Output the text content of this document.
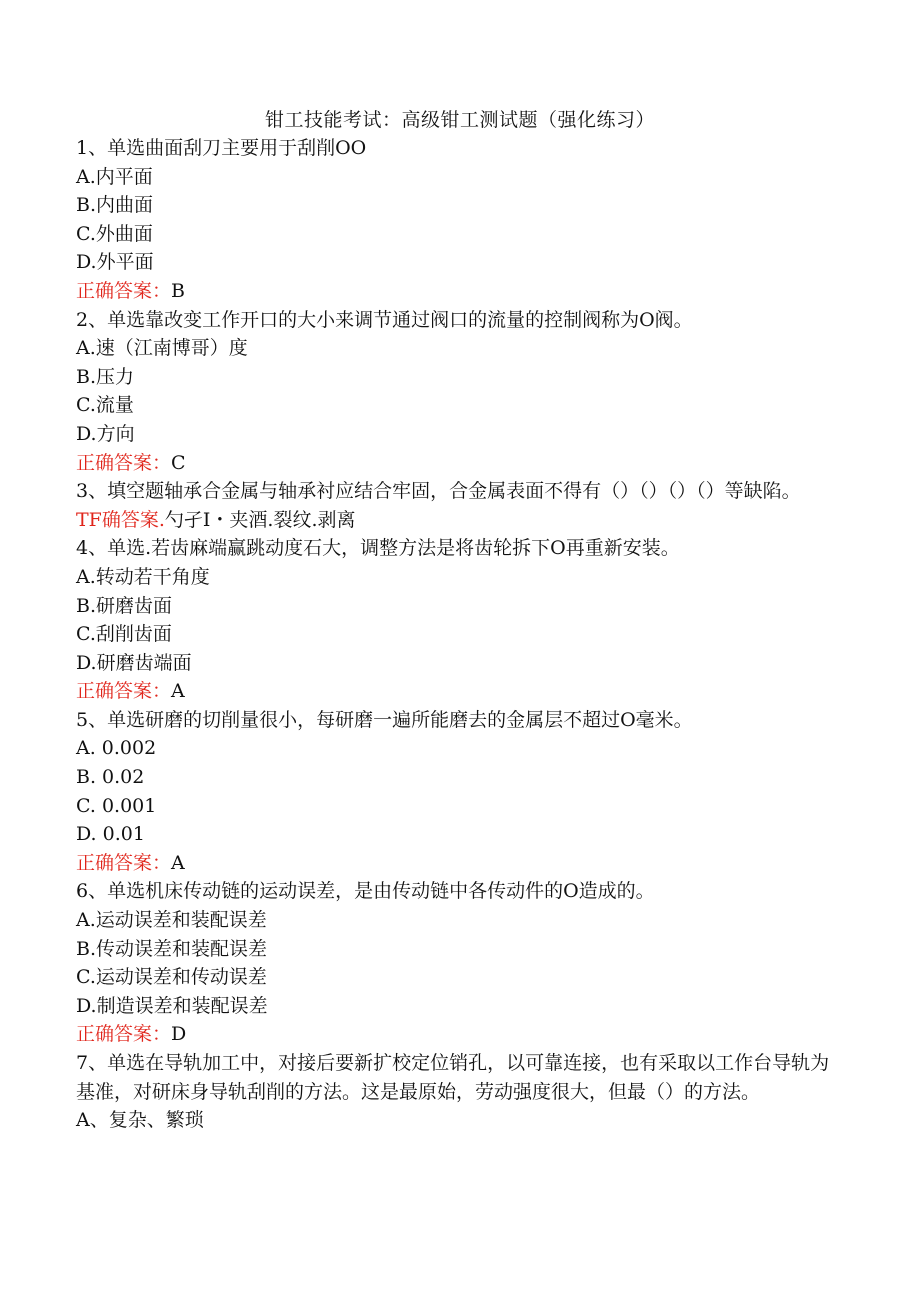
钳工技能考试：高级钳工测试题（强化练习）
1、单选曲面刮刀主要用于刮削OO
A.内平面
B.内曲面
C.外曲面
D.外平面
正确答案：B
2、单选靠改变工作开口的大小来调节通过阀口的流量的控制阀称为O阀。
A.速（江南博哥）度
B.压力
C.流量
D.方向
正确答案：C
3、填空题轴承合金属与轴承衬应结合牢固，合金属表面不得有（）（）（）（）等缺陷。
TF确答案.勺孑I・夹酒.裂纹.剥离
4、单选.若齿麻端赢跳动度石大，调整方法是将齿轮拆下O再重新安装。
A.转动若干角度
B.研磨齿面
C.刮削齿面
D.研磨齿端面
正确答案：A
5、单选研磨的切削量很小，每研磨一遍所能磨去的金属层不超过O毫米。
A. 0.002
B. 0.02
C. 0.001
D. 0.01
正确答案：A
6、单选机床传动链的运动误差，是由传动链中各传动件的O造成的。
A.运动误差和装配误差
B.传动误差和装配误差
C.运动误差和传动误差
D.制造误差和装配误差
正确答案：D
7、单选在导轨加工中，对接后要新扩校定位销孔，以可靠连接，也有采取以工作台导轨为基准，对研床身导轨刮削的方法。这是最原始，劳动强度很大，但最（）的方法。
A、复杂、繁琐
